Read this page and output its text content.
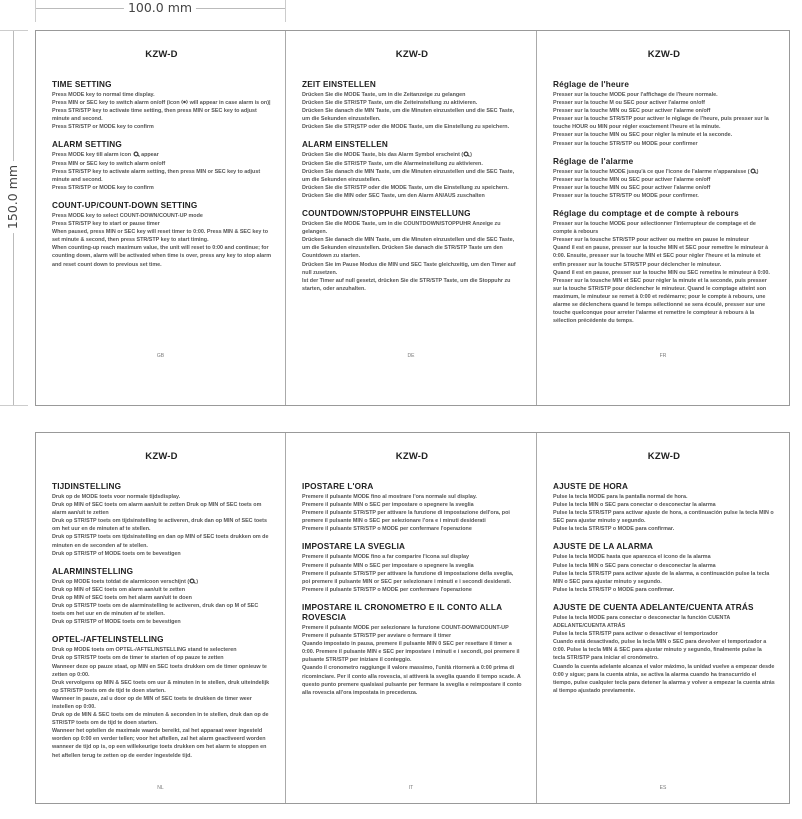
100.0 mm
150.0 mm
KZW-D
TIME SETTING

Press MODE key to normal time display.

Press MIN or SEC key to switch alarm on/off (icon  will appear in case alarm is on)|

Press STR/STP key to activate time setting, then press MIN or SEC key to adjust minute and second.

Press STR/STP or MODE key to confirm

ALARM SETTING

Press MODE key till alarm icon  appear

Press MIN or SEC key to switch alarm on/off

Press STR/STP key to activate alarm setting, then press MIN or SEC key to adjust minute and second.

Press STR/STP or MODE key to confirm

COUNT-UP/COUNT-DOWN SETTING

Press MODE key to select COUNT-DOWN/COUNT-UP mode

Press STR/STP key to start or pause timer

When paused, press MIN or SEC key will reset timer to 0:00. Press MIN & SEC key to set minute & second, then press STR/STP key to start timing.

When counting-up reach maximum value, the unit will reset to 0:00 and continue; for counting down, alarm will be activated when time is over, press any key to stop alarm and reset count down to previous set time.

GB
KZW-D
ZEIT EINSTELLEN

Drücken Sie die MODE Taste, um in die Zeitanzeige zu gelangen

Drücken Sie die STR/STP Taste, um die Zeiteinstellung zu aktivieren.

Drücken Sie danach die MIN Taste, um die Minuten einzustellen und die SEC Taste, um die Sekunden einzustellen.

Drücken Sie die STR(STP oder die MODE Taste, um die Einstellung zu speichern.

ALARM EINSTELLEN

Drücken Sie die MODE Taste, bis das Alarm Symbol erscheint ( )

Drücken Sie die STR/STP Taste, um die Alarmeinstellung zu aktivieren.

Drücken Sie danach die MIN Taste, um die Minuten einzustellen und die SEC Taste, um die Sekunden einzustellen.

Drücken Sie die STR/STP oder die MODE Taste, um die Einstellung zu speichern.

Drücken Sie die MIN oder SEC Taste, um den Alarm AN/AUS zuschalten

COUNTDOWN/STOPPUHR EINSTELLUNG

Drücken Sie die MODE Taste, um in die COUNTDOWN/STOPPUHR Anzeige zu gelangen.

Drücken Sie danach die MIN Taste, um die Minuten einzustellen und die SEC Taste, um die Sekunden einzustellen. Drücken Sie danach die STR/STP Taste um den Countdown zu starten.

Drücken Sie im Pause Modus die MIN und SEC Taste gleichzeitig, um den Timer auf null zusetzen.

Ist der Timer auf null gesetzt, drücken Sie die STR/STP Taste, um die Stoppuhr zu starten, oder anzuhalten.

DE
KZW-D
Réglage de l'heure

Presser sur la touche MODE pour l'affichage de l'heure normale.

Presser sur la touche M ou SEC pour activer l'alarme on/off

Presser sur la touche MIN ou SEC pour activer l'alarme on/off

Presser sur la touche STR/STP pour activer le réglage de l'heure, puis presser sur la touche HOUR ou MIN pour régler exactement l'heure et la minute.

Presser sur la touche MIN ou SEC pour régler la minute et la seconde.

Presser sur la touche STR/STP ou MODE pour confirmer

Réglage de l'alarme

Presser sur la touche MODE jusqu'à ce que l'icone de l'alarme n'apparaisse ( )

Presser sur la touche MIN ou SEC pour activer l'alarme on/off

Presser sur la touche MIN ou SEC pour activer l'alarme on/off

Presser sur la touche STR/STP ou MODE pour confirmer.

Réglage du comptage et de compte à rebours

Presser sur la touche MODE pour sélectionner l'interrupteur de comptage et de compte à rebours

Presser sur la tousche STR/STP pour activer ou mettre en pause le minuteur

Quand il est en pause, presser sur la touche MIN et SEC pour remettre le minuteur à 0:00. Ensuite, presser sur la touche MIN et SEC pour régler l'heure et la minute et enfin presser sur la touche STR/STP pour déclencher le minuteur.

Quand il est en pause, presser sur la touche MIN ou SEC remetira le minuteur à 0:00. Presser sur la tousche MIN et SEC pour régler la minute et la seconde, puis presser sur la touche STR/STP pour déclencher le minuteur. Quand le comptage atteint son maximum, le minuteur se remet à 0:00 et redémarre; pour le compte à rebours, une alarme se déclenchera quand le temps sélectionné se sera écoulé, presser sur une touche quelconque pour arreter l'alarme et remettre le compteur à rebours à la sélection précédente du temps.

FR
KZW-D
TIJDINSTELLING

Druk op de MODE toets voor normale tijdsdisplay.

Druk op MIN of SEC toets om alarm aan/uit te zetten Druk op MIN of SEC toets om alarm aan/uit te zetten

Druk op STR/STP toets om tijdsinstelling te activeren, druk dan op MIN of SEC toets om het uur en de minuten af te stellen.

Druk op STR/STP toets om tijdsinstelling en dan op MIN of SEC toets drukken om de minuten en de seconden af te stellen.

Druk op STR/STP of MODE toets om te bevestigen

ALARMINSTELLING

Druk op MODE toets totdat de alarmicoon verschijnt ( )

Druk op MIN of SEC toets om alarm aan/uit te zetten

Druk op MIN of SEC toets om het alarm aan/uit te doen

Druk op STR/STP toets om de alarminstelling te activeren, druk dan op M of SEC toets om het uur en de minuten af te stellen.

Druk op STR/STP of MODE toets om te bevestigen

OPTEL-/AFTELINSTELLING

Druk op MODE toets om OPTEL-/AFTELINSTELLING stand te selecteren

Druk op STR/STP toets om de timer te starten of op pauze te zetten

Wanneer deze op pauze staat, op MIN en SEC toets drukken om de timer opnieuw te zetten op 0:00.

Druk vervolgens op MIN & SEC toets om uur & minuten in te stellen, druk uiteindelijk op STR/STP toets om de tijd te doen starten.

Wanneer in pauze, zal u door op de MIN of SEC toets te drukken de timer weer instellen op 0:00.

Druk op de MIN & SEC toets om de minuten & seconden in te stellen, druk dan op de STR/STP toets om de tijd te doen starten.

Wanneer het optellen de maximale waarde bereikt, zal het apparaat weer ingesteld worden op 0:00 en verder tellen; voor het aftellen, zal het alarm geactiveerd worden wanneer de tijd op is, op een willekeurige toets drukken om het alarm te stoppen en het aftellen terug te zetten op de eerder ingestelde tijd.

NL
KZW-D
IPOSTARE L'ORA

Premere il pulsante MODE fino al mostrare l'ora normale sul display.

Premere il pulsante MIN o SEC per impostare o spegnere la sveglia

Premere il pulsante STR/STP per attivare la funzione di impostazione dell'ora, poi premere il pulsante MIN o SEC per selezionare l'ora e i minuti desiderati

Premere il pulsante STR/STP o MODE per confermare l'operazione

IMPOSTARE LA SVEGLIA

Premere il pulsante MODE fino a far comparire l'icona sul display

Premere il pulsante MIN o SEC per impostare o spegnere la sveglia

Premere il pulsante STR/STP per attivare la funzione di impostazione della sveglia, poi premere il pulsante MIN or SEC per selezionare i minuti e i secondi desiderati.

Premere il pulsante STR/STP o MODE per confermare l'operazione

IMPOSTARE IL CRONOMETRO E IL CONTO ALLA ROVESCIA

Premere il pulsante MODE per selezionare la funzione COUNT-DOWN/COUNT-UP

Premere il pulsante STR/STP per avviare o fermare il timer

Quando impostato in pausa, premere il pulsante MIN 0 SEC per resettare il timer a 0:00. Premere il pulsante MIN e SEC per impostare i minuti e i secondi, poi premere il pulsante STR/STP per iniziare il conteggio.

Quando il cronometro raggiunge il valore massimo, l'unità ritornerà a 0:00 prima di ricominciare. Per il conto alla rovescia, si attiverà la sveglia quando il tempo scade. A questo punto premere qualsiasi pulsante per fermare la sveglia e reimpostare il conto alla rovescia all'ora impostata in precedenza.

IT
KZW-D
AJUSTE DE HORA

Pulse la tecla MODE para la pantalla normal de hora.

Pulse la tecla MIN o SEC para conectar o desconectar la alarma

Pulse la tecla STR/STP para activar ajuste de hora, a continuación pulse la tecla MIN o SEC para ajustar minuto y segundo.

Pulse la tecla STR/STP o MODE para confirmar.

AJUSTE DE LA ALARMA

Pulse la tecla MODE hasta que aparezca el icono de la alarma

Pulse la tecla MIN o SEC para conectar o desconectar la alarma

Pulse la tecla STR/STP para activar ajuste de la alarma, a continuación pulse la tecla MIN o SEC para ajustar minuto y segundo.

Pulse la tecla STR/STP o MODE para confirmar.

AJUSTE DE CUENTA ADELANTE/CUENTA ATRÁS

Pulse la tecla MODE para conectar o desconectar la función CUENTA ADELANTE/CUENTA ATRÁS

Pulse la tecla STR/STP para activar o desactivar el temporizador

Cuando está desactivado, pulse la tecla MIN o SEC para devolver el temporizador a 0:00. Pulse la tecla MIN & SEC para ajustar minuto y segundo, finalmente pulse la tecla STR/STP para iniciar el cronómetro.

Cuando la cuenta adelante alcanza el valor máximo, la unidad vuelve a empezar desde 0:00 y sigue; para la cuenta atrás, se activa la alarma cuando ha transcurrido el tiempo, pulse cualquier tecla para detener la alarma y volver a empezar la cuenta atrás al tiempo ajustado previamente.

ES
